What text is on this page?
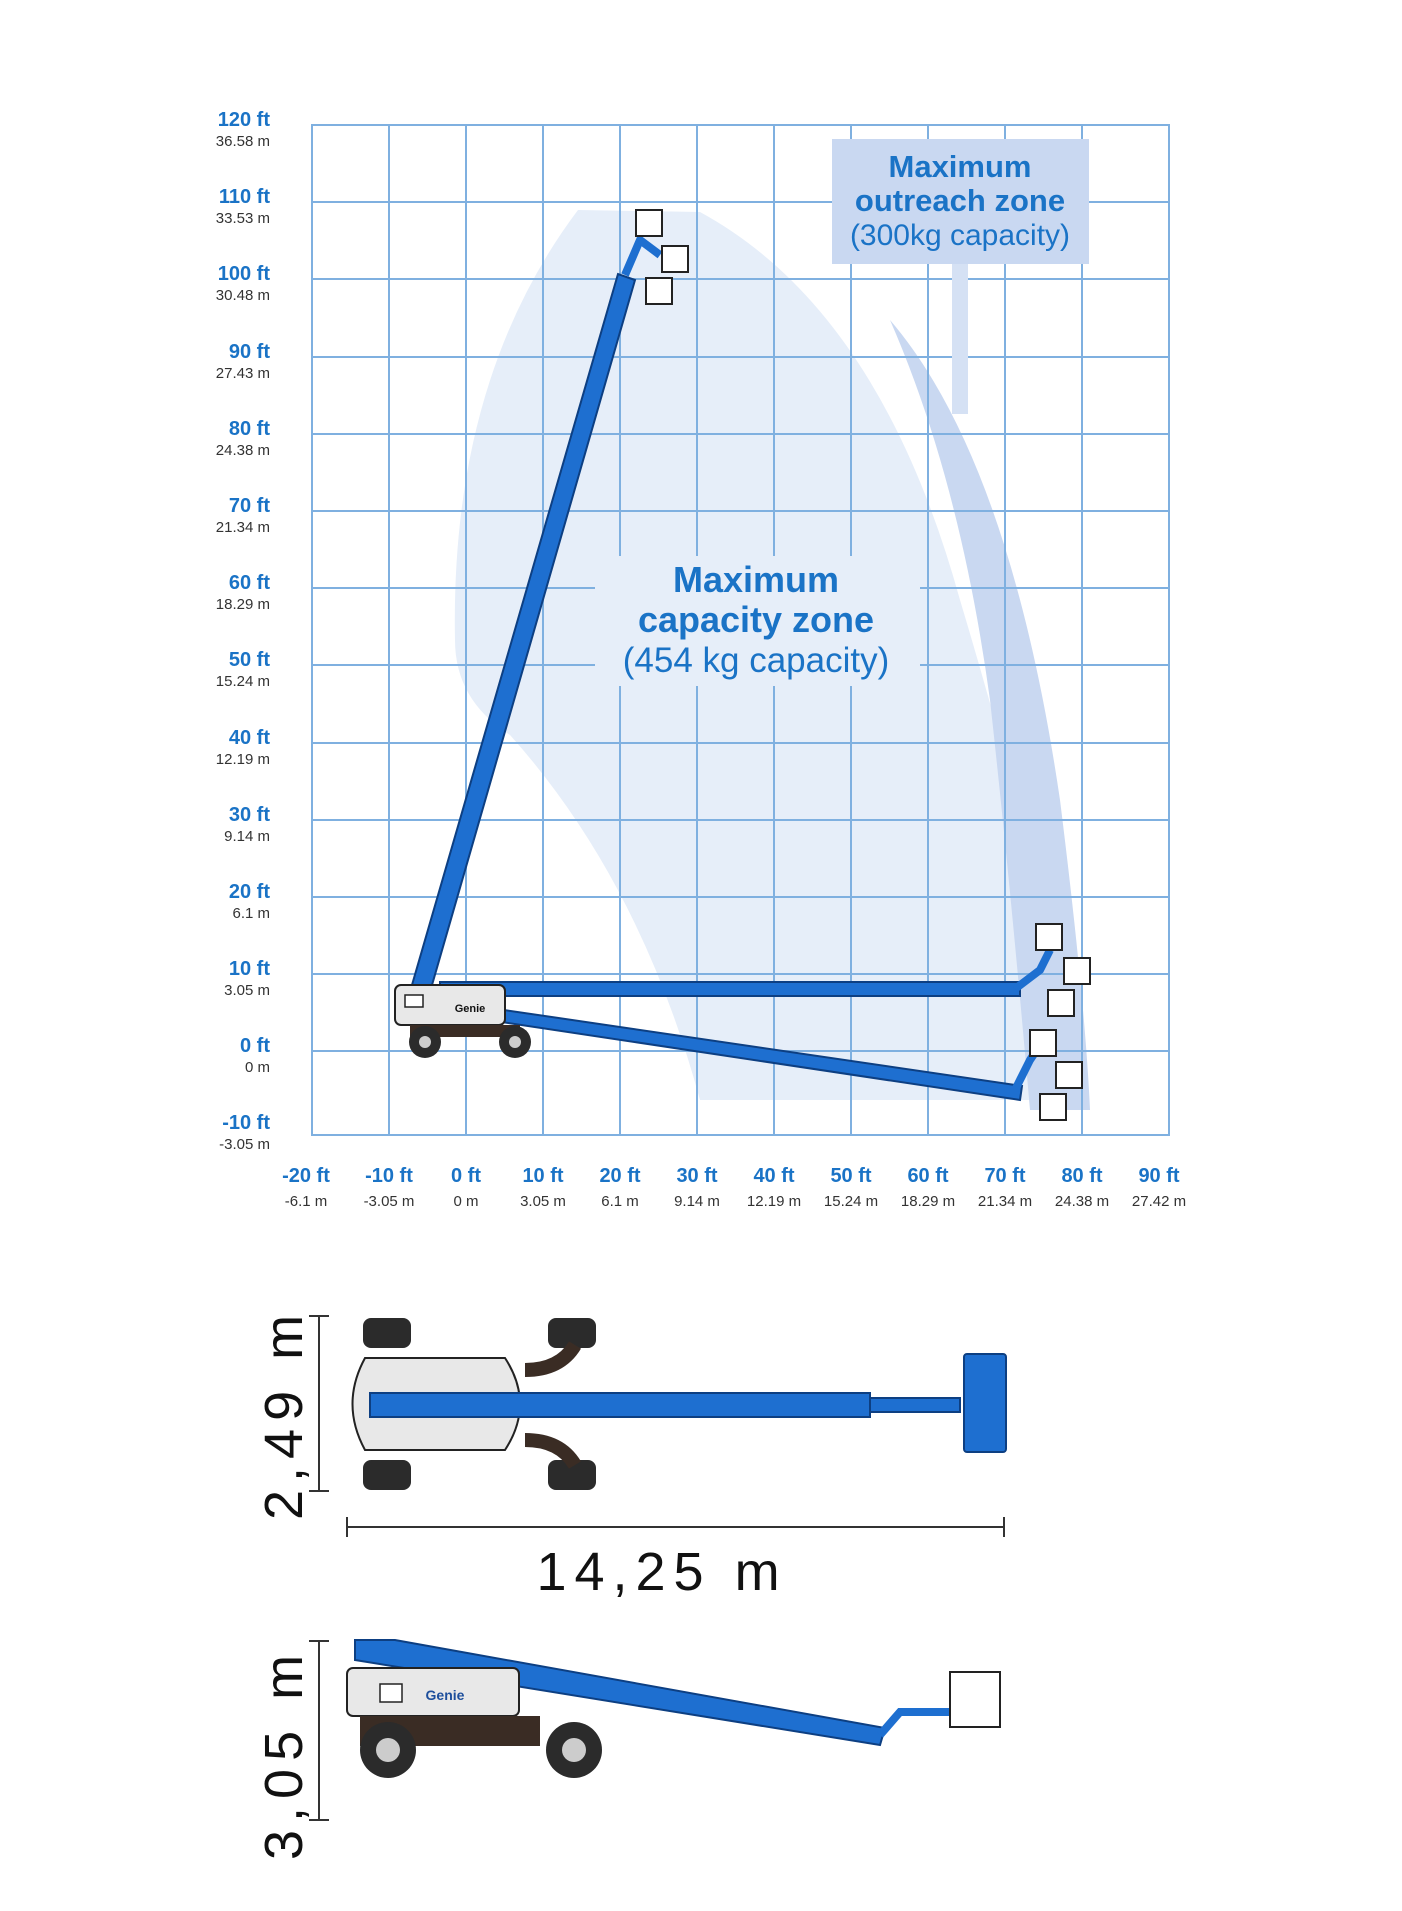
120 ft
36.58 m
110 ft
33.53 m
100 ft
30.48 m
90 ft
27.43 m
80 ft
24.38 m
70 ft
21.34 m
60 ft
18.29 m
50 ft
15.24 m
40 ft
12.19 m
30 ft
9.14 m
20 ft
6.1 m
10 ft
3.05 m
0 ft
0 m
-10 ft
-3.05 m
-20 ft
-6.1 m
-10 ft
-3.05 m
0 ft
0 m
10 ft
3.05 m
20 ft
6.1 m
30 ft
9.14 m
40 ft
12.19 m
50 ft
15.24 m
60 ft
18.29 m
70 ft
21.34 m
80 ft
24.38 m
90 ft
27.42 m
Maximum
outreach zone
(300kg capacity)
Maximum
capacity zone
(454 kg capacity)
Genie
2,49 m
14,25 m
3,05 m	Genie
